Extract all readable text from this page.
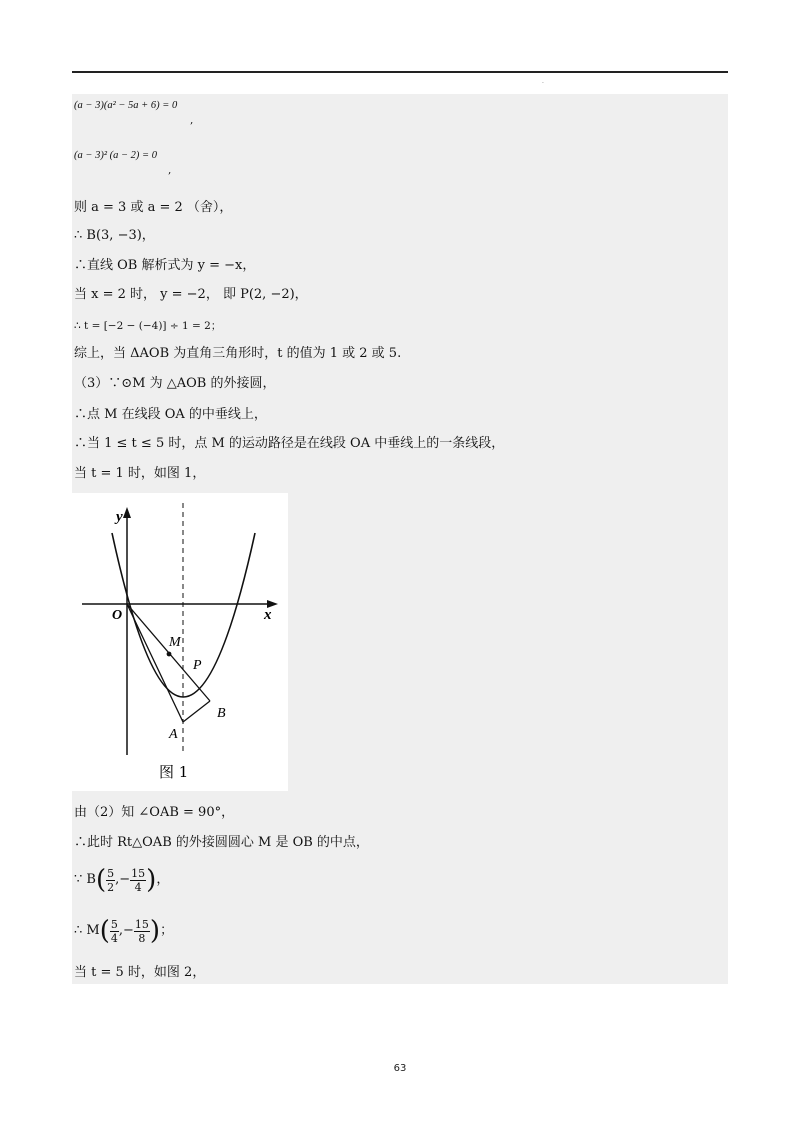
·
(a − 3)(a² − 5a + 6) = 0
,
(a − 3)² (a − 2) = 0
,
则 a = 3 或 a = 2 （舍），
∴ B(3, −3)，
∴直线 OB 解析式为 y = −x，
当 x = 2 时， y = −2， 即 P(2, −2)，
∴ t = [−2 − (−4)] ÷ 1 = 2；
综上，当 ΔAOB 为直角三角形时，t 的值为 1 或 2 或 5.
（3）∵⊙M 为 △AOB 的外接圆，
∴点 M 在线段 OA 的中垂线上，
∴当 1 ≤ t ≤ 5 时，点 M 的运动路径是在线段 OA 中垂线上的一条线段，
当 t = 1 时，如图 1，
y
x
O
M
P
A
B
图 1
由（2）知 ∠OAB = 90°，
∴此时 Rt△OAB 的外接圆圆心 M 是 OB 的中点，
∵ B ( $\frac{5}{2}$ ,− $\frac{15}{4}$ ) ，
∴ M ( $\frac{5}{4}$ ,− $\frac{15}{8}$ ) ；
当 t = 5 时，如图 2，
63
